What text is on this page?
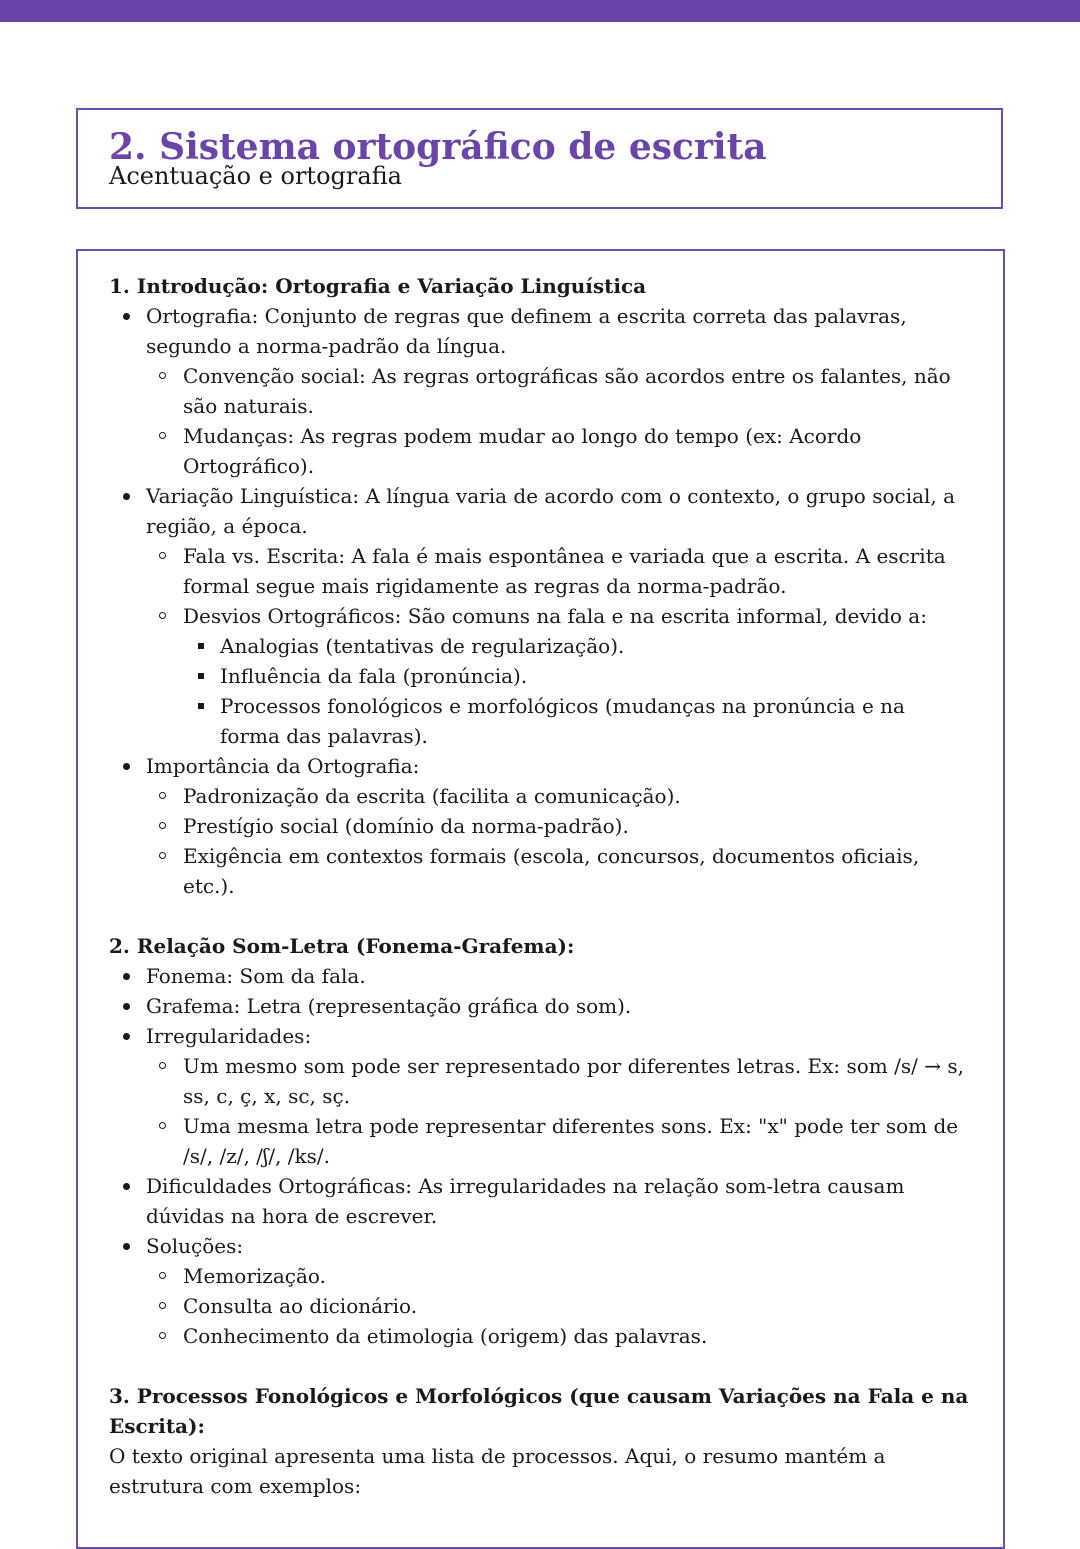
2. Sistema ortográfico de escrita
Acentuação e ortografia

1. Introdução: Ortografia e Variação Linguística

Ortografia: Conjunto de regras que definem a escrita correta das palavras, segundo a norma-padrão da língua.
Convenção social: As regras ortográficas são acordos entre os falantes, não são naturais.
Mudanças: As regras podem mudar ao longo do tempo (ex: Acordo Ortográfico).
Variação Linguística: A língua varia de acordo com o contexto, o grupo social, a região, a época.
Fala vs. Escrita: A fala é mais espontânea e variada que a escrita. A escrita formal segue mais rigidamente as regras da norma-padrão.
Desvios Ortográficos: São comuns na fala e na escrita informal, devido a:
Analogias (tentativas de regularização).
Influência da fala (pronúncia).
Processos fonológicos e morfológicos (mudanças na pronúncia e na forma das palavras).
Importância da Ortografia:
Padronização da escrita (facilita a comunicação).
Prestígio social (domínio da norma-padrão).
Exigência em contextos formais (escola, concursos, documentos oficiais, etc.).

2. Relação Som-Letra (Fonema-Grafema):

Fonema: Som da fala.
Grafema: Letra (representação gráfica do som).
Irregularidades:
Um mesmo som pode ser representado por diferentes letras. Ex: som /s/ → s, ss, c, ç, x, sc, sç.
Uma mesma letra pode representar diferentes sons. Ex: "x" pode ter som de /s/, /z/, /ʃ/, /ks/.
Dificuldades Ortográficas: As irregularidades na relação som-letra causam dúvidas na hora de escrever.
Soluções:
Memorização.
Consulta ao dicionário.
Conhecimento da etimologia (origem) das palavras.

3. Processos Fonológicos e Morfológicos (que causam Variações na Fala e na Escrita):

O texto original apresenta uma lista de processos. Aqui, o resumo mantém a estrutura com exemplos:
